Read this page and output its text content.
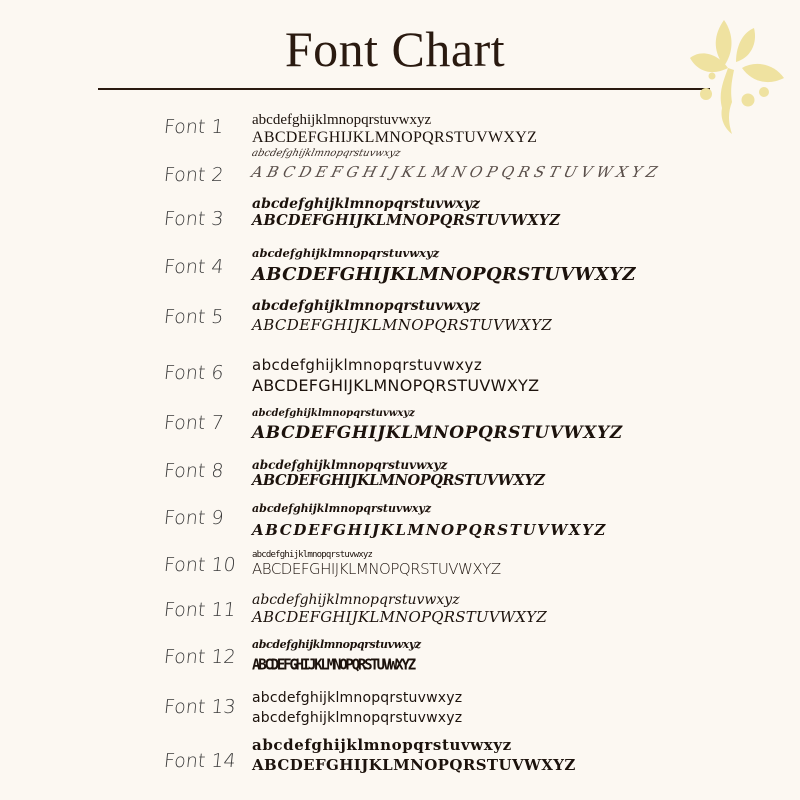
Font Chart
Font 1 abcdefghijklmnopqrstuvwxyz
ABCDEFGHIJKLMNOPQRSTUVWXYZ
Font 2
abcdefghijklmnopqrstuvwxyz
ABCDEFGHIJKLMNOPQRSTUVWXYZ
Font 3
abcdefghijklmnopqrstuvwxyz
ABCDEFGHIJKLMNOPQRSTUVWXYZ
Font 4
abcdefghijklmnopqrstuvwxyz
ABCDEFGHIJKLMNOPQRSTUVWXYZ
Font 5 abcdefghijklmnopqrstuvwxyz
ABCDEFGHIJKLMNOPQRSTUVWXYZ
Font 6 abcdefghijklmnopqrstuvwxyz
ABCDEFGHIJKLMNOPQRSTUVWXYZ
Font 7	abcdefghijklmnopqrstuvwxyz
ABCDEFGHIJKLMNOPQRSTUVWXYZ
Font 8 abcdefghijklmnopqrstuvwxyz
ABCDEFGHIJKLMNOPQRSTUVWXYZ
Font 9 abcdefghijklmnopqrstuvwxyz
ABCDEFGHIJKLMNOPQRSTUVWXYZ
Font 10 abcdefghijklmnopqrstuvwxyz
ABCDEFGHIJKLMNOPQRSTUVWXYZ
Font 11 abcdefghijklmnopqrstuvwxyz
ABCDEFGHIJKLMNOPQRSTUVWXYZ
Font 12
abcdefghijklmnopqrstuvwxyz
ABCDEFGHIJKLMNOPQRSTUVWXYZ
Font 13 abcdefghijklmnopqrstuvwxyz
abcdefghijklmnopqrstuvwxyz
Font 14
abcdefghijklmnopqrstuvwxyz
ABCDEFGHIJKLMNOPQRSTUVWXYZ
